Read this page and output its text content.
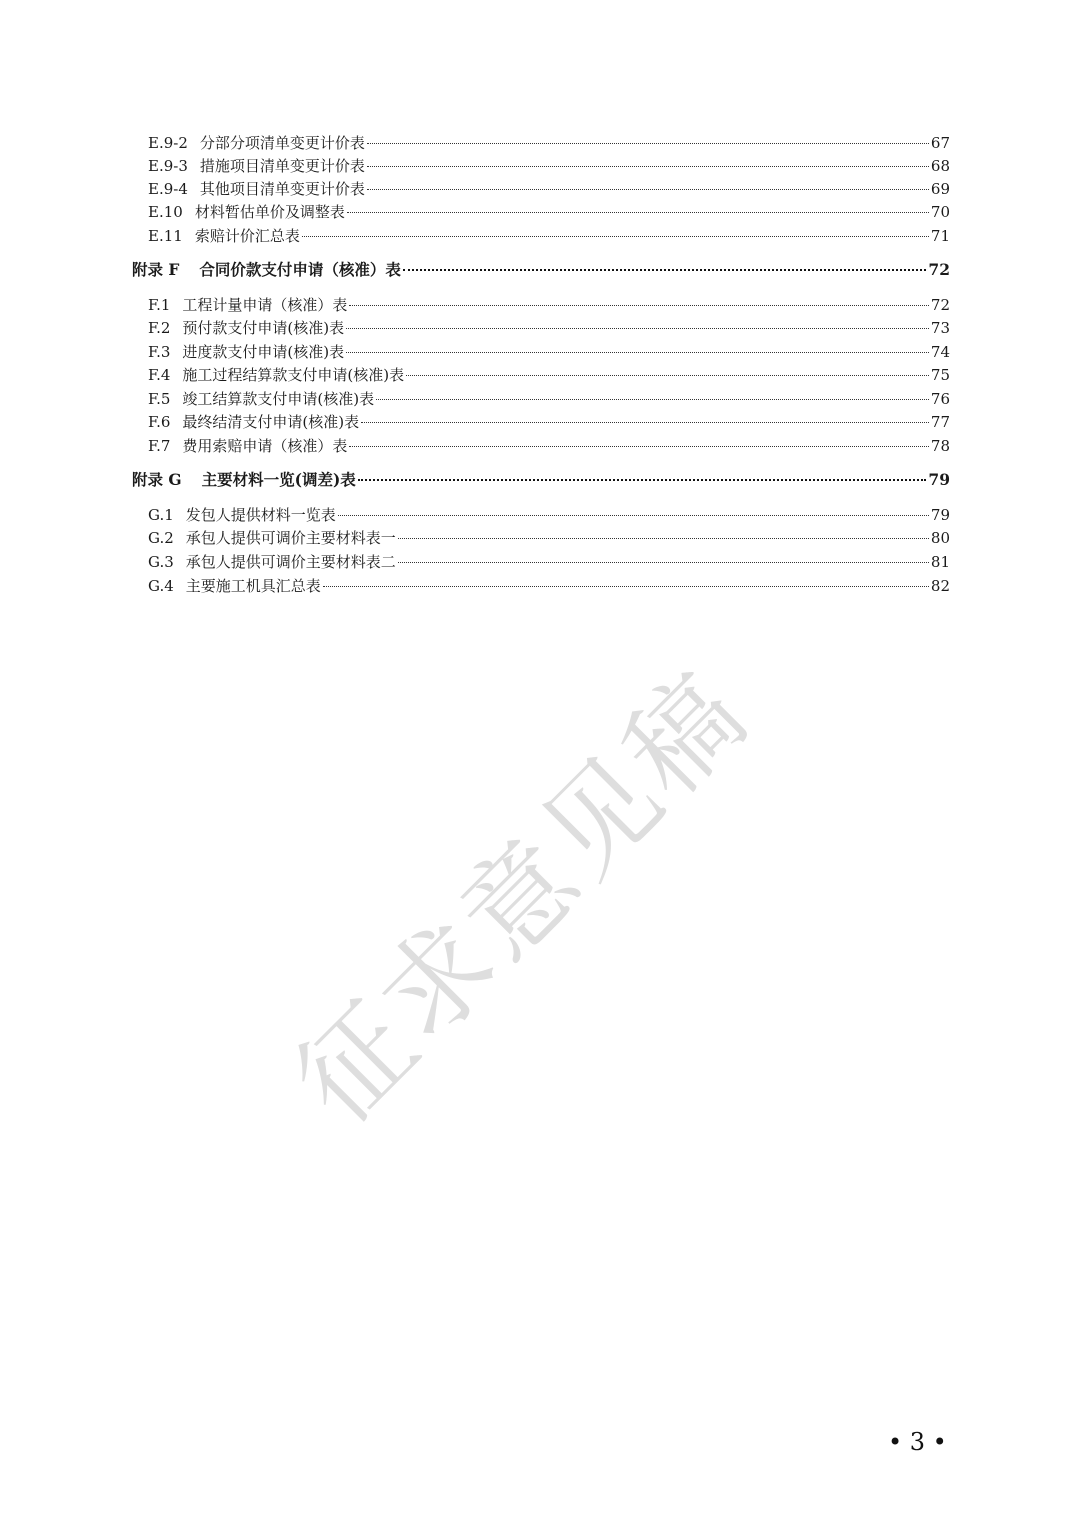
E.9-2 分部分项清单变更计价表	67
E.9-3 措施项目清单变更计价表	68
E.9-4 其他项目清单变更计价表	69
E.10 材料暂估单价及调整表	70
E.11 索赔计价汇总表	71
附录 F 合同价款支付申请（核准）表	72
F.1 工程计量申请（核准）表	72
F.2 预付款支付申请(核准)表	73
F.3 进度款支付申请(核准)表	74
F.4 施工过程结算款支付申请(核准)表	75
F.5 竣工结算款支付申请(核准)表	76
F.6 最终结清支付申请(核准)表	77
F.7 费用索赔申请（核准）表	78
附录 G 主要材料一览(调差)表	79
G.1 发包人提供材料一览表	79
G.2 承包人提供可调价主要材料表一	80
G.3 承包人提供可调价主要材料表二	81
G.4 主要施工机具汇总表	82
征求意见稿
• 3 •
